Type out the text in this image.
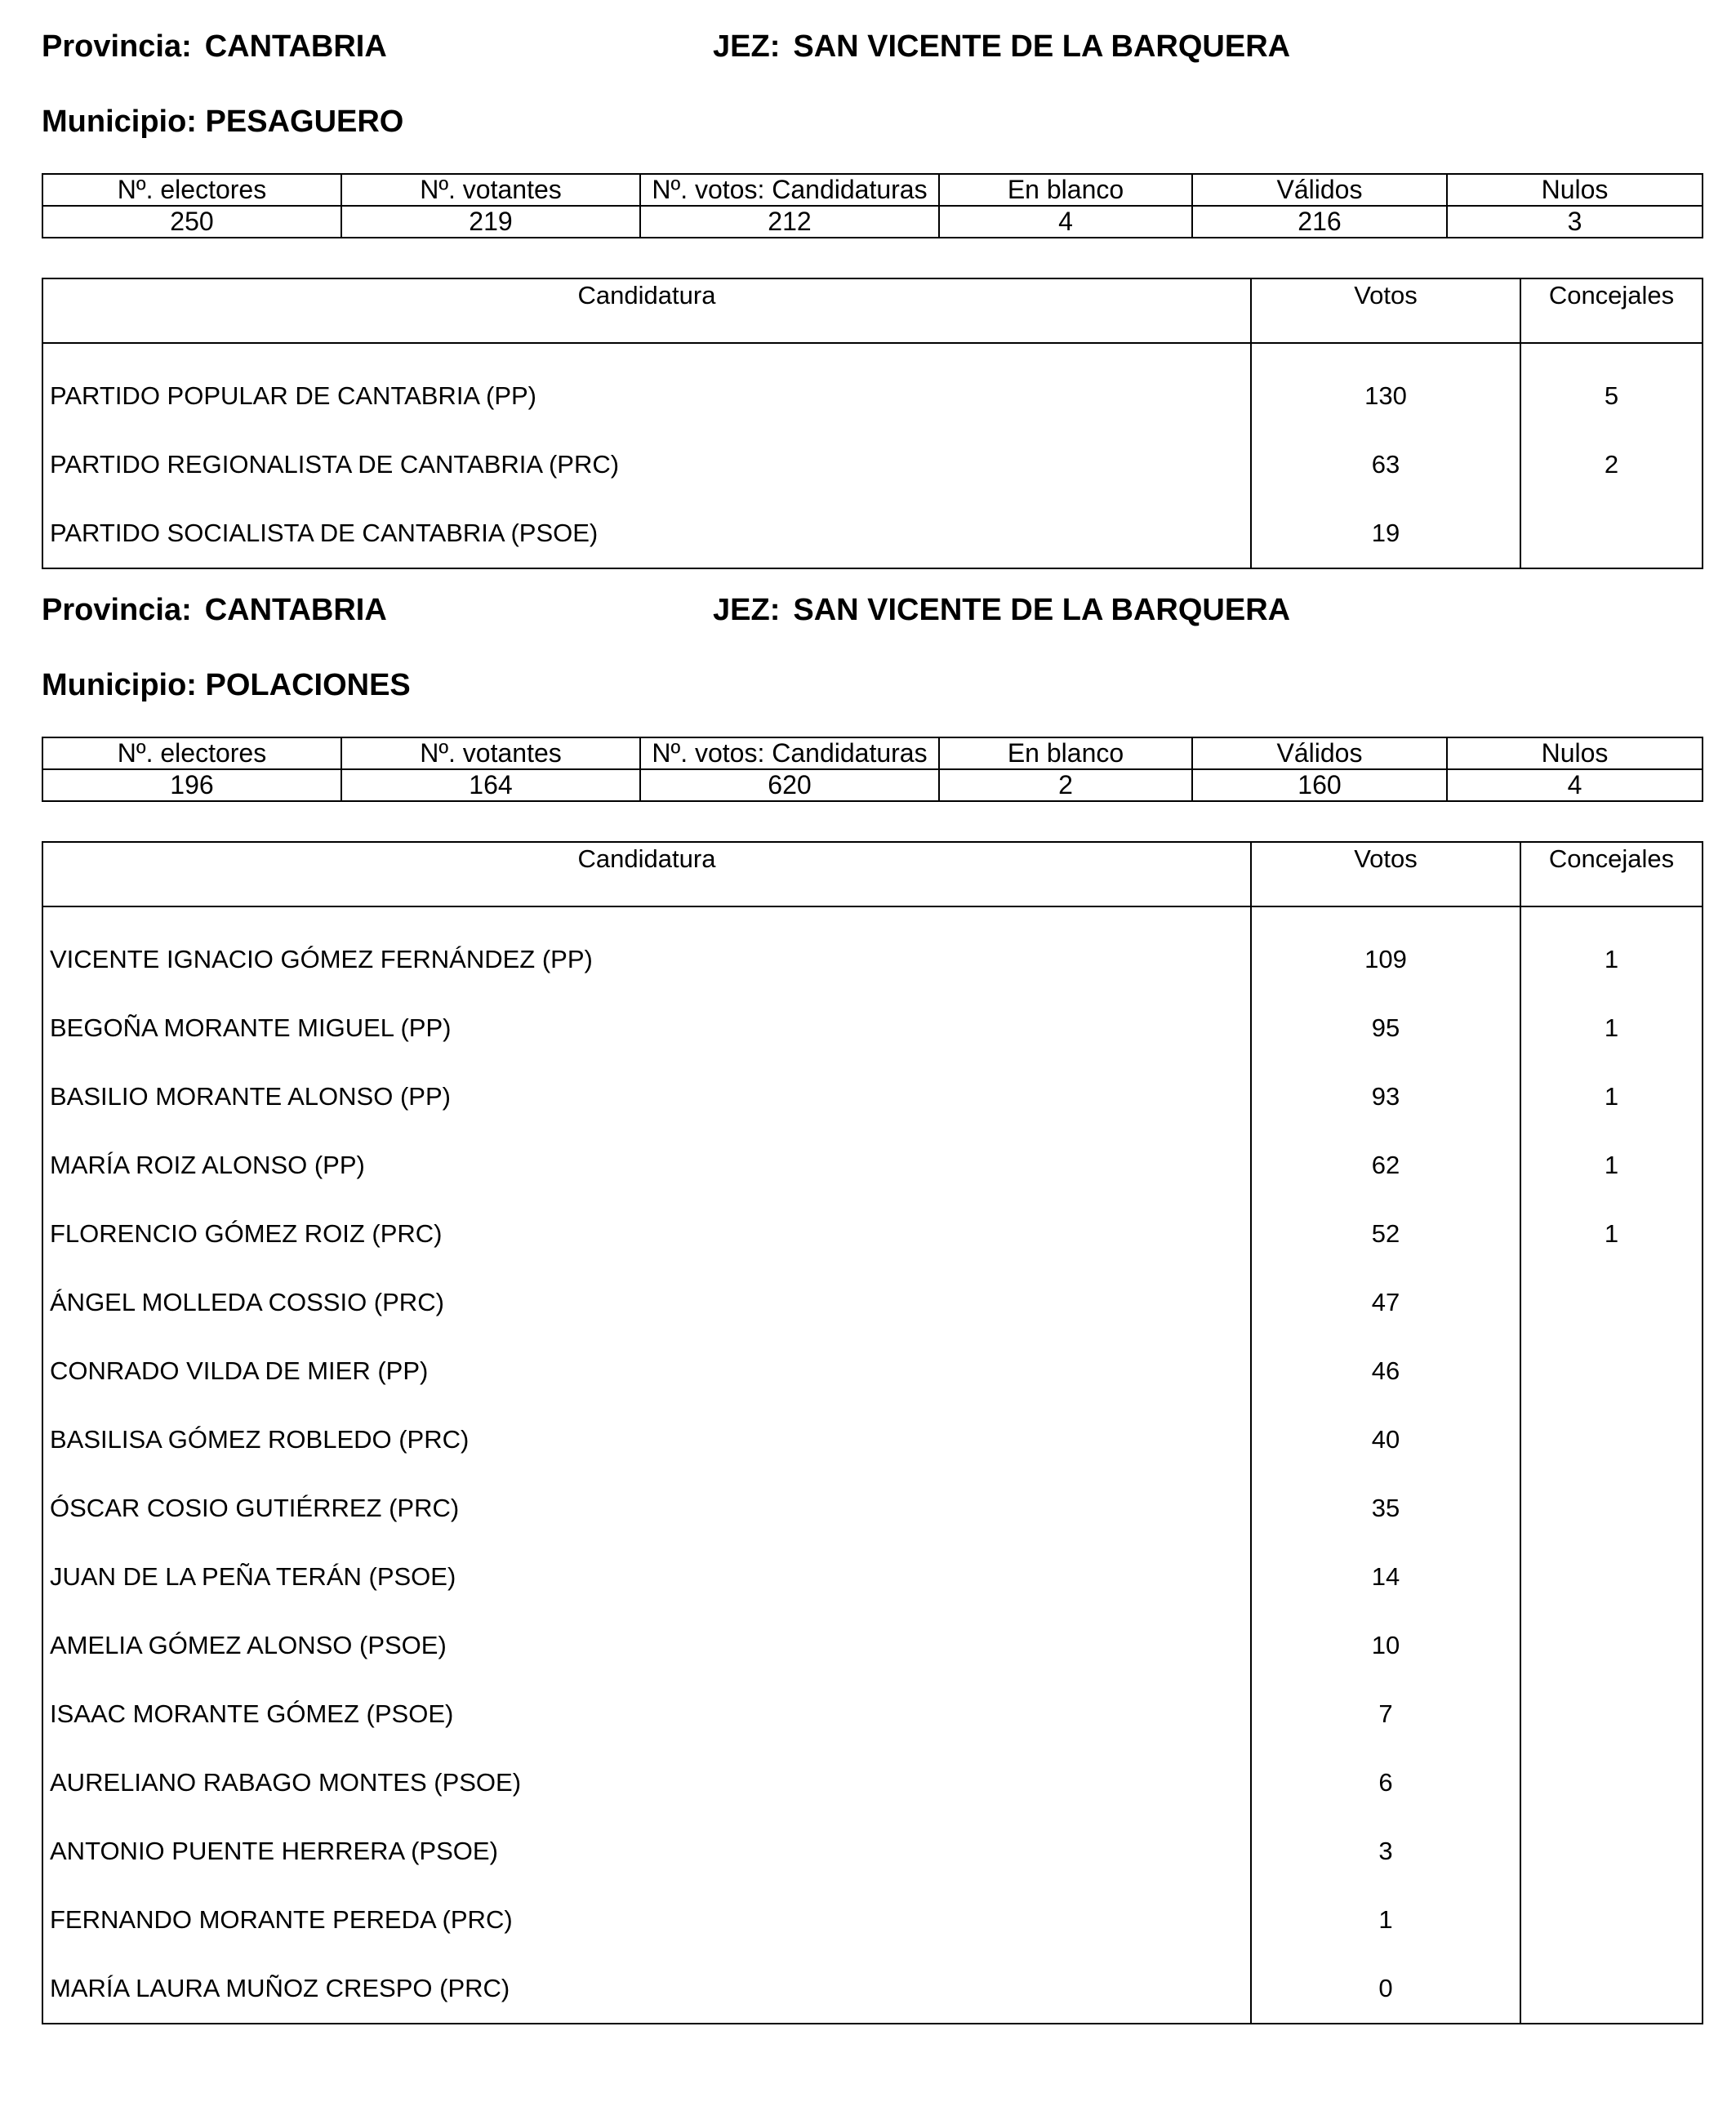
Provincia: CANTABRIA	JEZ: SAN VICENTE DE LA BARQUERA
Municipio: PESAGUERO
Nº. electores	Nº. votantes	Nº. votos: Candidaturas	En blanco	Válidos	Nulos
250	219	212	4	216	3
Candidatura	Votos	Concejales

PARTIDO POPULAR DE CANTABRIA (PP)	130	5
PARTIDO REGIONALISTA DE CANTABRIA (PRC)	63	2
PARTIDO SOCIALISTA DE CANTABRIA (PSOE)	19	
Provincia: CANTABRIA	JEZ: SAN VICENTE DE LA BARQUERA
Municipio: POLACIONES
Nº. electores	Nº. votantes	Nº. votos: Candidaturas	En blanco	Válidos	Nulos
196	164	620	2	160	4
Candidatura	Votos	Concejales

VICENTE IGNACIO GÓMEZ FERNÁNDEZ (PP)	109	1
BEGOÑA MORANTE MIGUEL (PP)	95	1
BASILIO MORANTE ALONSO (PP)	93	1
MARÍA ROIZ ALONSO (PP)	62	1
FLORENCIO GÓMEZ ROIZ (PRC)	52	1
ÁNGEL MOLLEDA COSSIO (PRC)	47	
CONRADO VILDA DE MIER (PP)	46	
BASILISA GÓMEZ ROBLEDO (PRC)	40	
ÓSCAR COSIO GUTIÉRREZ (PRC)	35	
JUAN DE LA PEÑA TERÁN (PSOE)	14	
AMELIA GÓMEZ ALONSO (PSOE)	10	
ISAAC MORANTE GÓMEZ (PSOE)	7	
AURELIANO RABAGO MONTES (PSOE)	6	
ANTONIO PUENTE HERRERA (PSOE)	3	
FERNANDO MORANTE PEREDA (PRC)	1	
MARÍA LAURA MUÑOZ CRESPO (PRC)	0	
